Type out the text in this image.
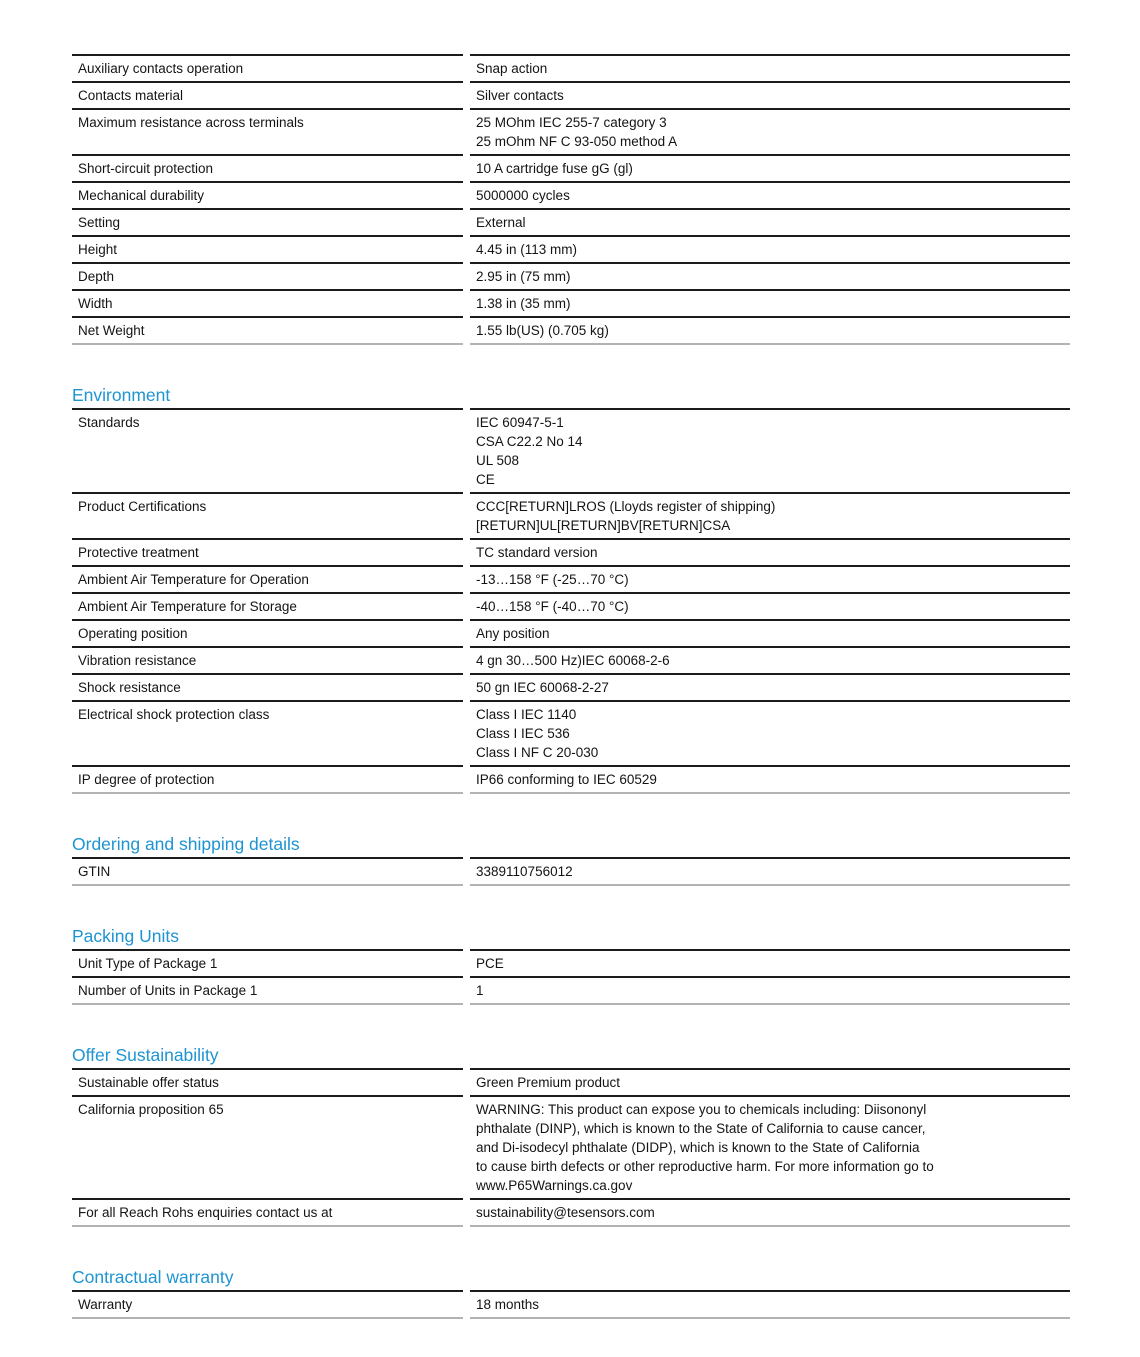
Auxiliary contacts operation	Snap action
Contacts material	Silver contacts
Maximum resistance across terminals	25 MOhm IEC 255-7 category 3
25 mOhm NF C 93-050 method A
Short-circuit protection	10 A cartridge fuse gG (gl)
Mechanical durability	5000000 cycles
Setting	External
Height	4.45 in (113 mm)
Depth	2.95 in (75 mm)
Width	1.38 in (35 mm)
Net Weight	1.55 lb(US) (0.705 kg)
Environment
Standards	IEC 60947-5-1
CSA C22.2 No 14
UL 508
CE
Product Certifications	CCC[RETURN]LROS (Lloyds register of shipping)
[RETURN]UL[RETURN]BV[RETURN]CSA
Protective treatment	TC standard version
Ambient Air Temperature for Operation	-13…158 °F (-25…70 °C)
Ambient Air Temperature for Storage	-40…158 °F (-40…70 °C)
Operating position	Any position
Vibration resistance	4 gn 30…500 Hz)IEC 60068-2-6
Shock resistance	50 gn IEC 60068-2-27
Electrical shock protection class	Class I IEC 1140
Class I IEC 536
Class I NF C 20-030
IP degree of protection	IP66 conforming to IEC 60529
Ordering and shipping details
GTIN	3389110756012
Packing Units
Unit Type of Package 1	PCE
Number of Units in Package 1	1
Offer Sustainability
Sustainable offer status	Green Premium product
California proposition 65	WARNING: This product can expose you to chemicals including: Diisononyl
phthalate (DINP), which is known to the State of California to cause cancer,
and Di-isodecyl phthalate (DIDP), which is known to the State of California
to cause birth defects or other reproductive harm. For more information go to
www.P65Warnings.ca.gov
For all Reach Rohs enquiries contact us at	sustainability@tesensors.com
Contractual warranty
Warranty	18 months
